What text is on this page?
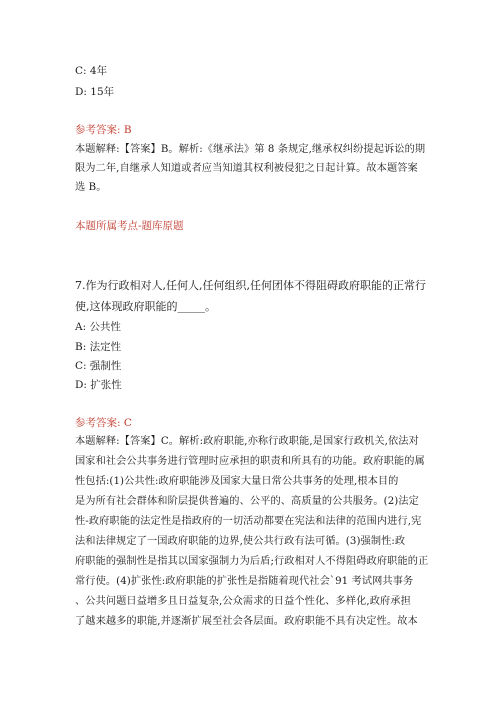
C: 4年
D: 15年
参考答案: B
本题解释:【答案】B。解析:《继承法》第 8 条规定,继承权纠纷提起诉讼的期
限为二年,自继承人知道或者应当知道其权利被侵犯之日起计算。故本题答案
选 B。
本题所属考点-题库原题
7.作为行政相对人,任何人,任何组织,任何团体不得阻碍政府职能的正常行
使,这体现政府职能的_____。
A: 公共性
B: 法定性
C: 强制性
D: 扩张性
参考答案: C
本题解释:【答案】C。解析:政府职能,亦称行政职能,是国家行政机关,依法对
国家和社会公共事务进行管理时应承担的职责和所具有的功能。政府职能的属
性包括:(1)公共性:政府职能涉及国家大量日常公共事务的处理,根本目的
是为所有社会群体和阶层提供普遍的、公平的、高质量的公共服务。(2)法定
性-政府职能的法定性是指政府的一切活动都要在宪法和法律的范围内进行,宪
法和法律规定了一国政府职能的边界,使公共行政有法可循。(3)强制性:政
府职能的强制性是指其以国家强制力为后盾;行政相对人不得阻碍政府职能的正
常行使。(4)扩张性:政府职能的扩张性是指随着现代社会`91 考试网共事务
、公共问题日益增多且日益复杂,公众需求的日益个性化、多样化,政府承担
了越来越多的职能,并逐渐扩展至社会各层面。政府职能不具有决定性。故本
